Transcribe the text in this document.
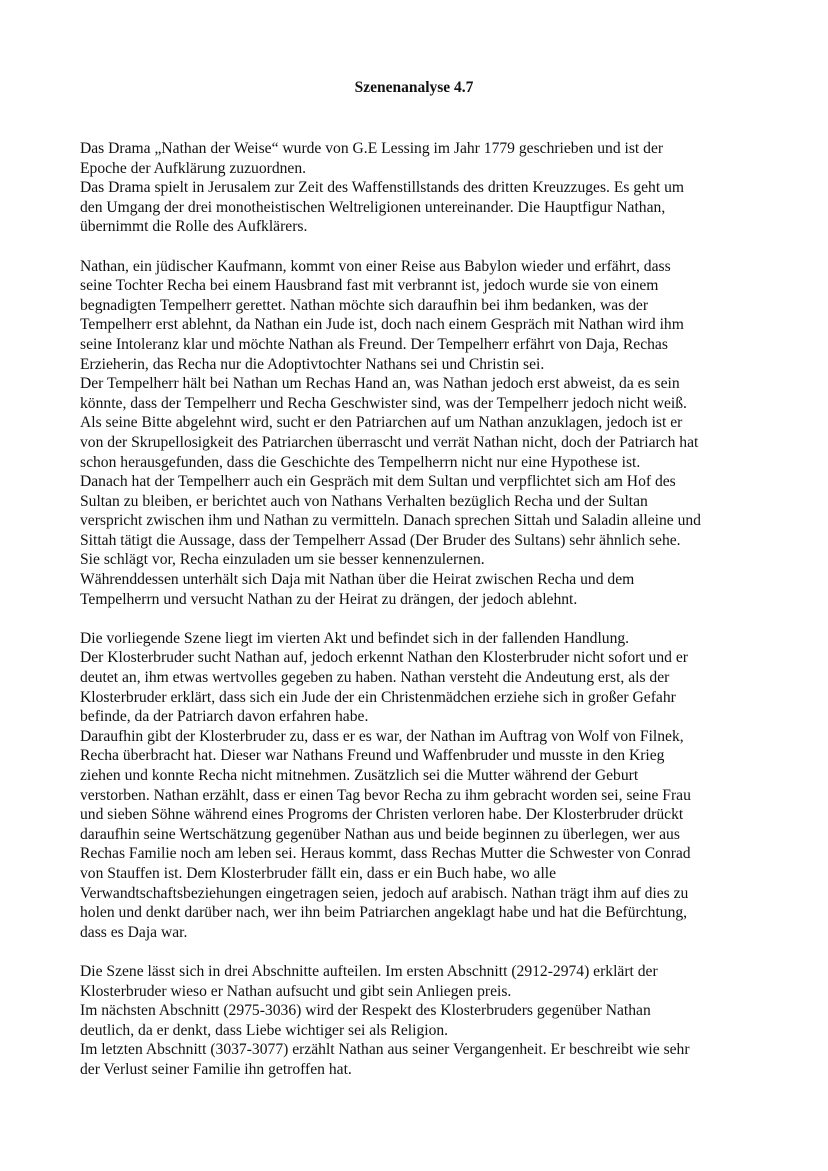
Szenenanalyse 4.7
Das Drama „Nathan der Weise“ wurde von G.E Lessing im Jahr 1779 geschrieben und ist der
Epoche der Aufklärung zuzuordnen.
Das Drama spielt in Jerusalem zur Zeit des Waffenstillstands des dritten Kreuzzuges. Es geht um
den Umgang der drei monotheistischen Weltreligionen untereinander. Die Hauptfigur Nathan,
übernimmt die Rolle des Aufklärers.
Nathan, ein jüdischer Kaufmann, kommt von einer Reise aus Babylon wieder und erfährt, dass
seine Tochter Recha bei einem Hausbrand fast mit verbrannt ist, jedoch wurde sie von einem
begnadigten Tempelherr gerettet. Nathan möchte sich daraufhin bei ihm bedanken, was der
Tempelherr erst ablehnt, da Nathan ein Jude ist, doch nach einem Gespräch mit Nathan wird ihm
seine Intoleranz klar und möchte Nathan als Freund. Der Tempelherr erfährt von Daja, Rechas
Erzieherin, das Recha nur die Adoptivtochter Nathans sei und Christin sei.
Der Tempelherr hält bei Nathan um Rechas Hand an, was Nathan jedoch erst abweist, da es sein
könnte, dass der Tempelherr und Recha Geschwister sind, was der Tempelherr jedoch nicht weiß.
Als seine Bitte abgelehnt wird, sucht er den Patriarchen auf um Nathan anzuklagen, jedoch ist er
von der Skrupellosigkeit des Patriarchen überrascht und verrät Nathan nicht, doch der Patriarch hat
schon herausgefunden, dass die Geschichte des Tempelherrn nicht nur eine Hypothese ist.
Danach hat der Tempelherr auch ein Gespräch mit dem Sultan und verpflichtet sich am Hof des
Sultan zu bleiben, er berichtet auch von Nathans Verhalten bezüglich Recha und der Sultan
verspricht zwischen ihm und Nathan zu vermitteln. Danach sprechen Sittah und Saladin alleine und
Sittah tätigt die Aussage, dass der Tempelherr Assad (Der Bruder des Sultans) sehr ähnlich sehe.
Sie schlägt vor, Recha einzuladen um sie besser kennenzulernen.
Währenddessen unterhält sich Daja mit Nathan über die Heirat zwischen Recha und dem
Tempelherrn und versucht Nathan zu der Heirat zu drängen, der jedoch ablehnt.
Die vorliegende Szene liegt im vierten Akt und befindet sich in der fallenden Handlung.
Der Klosterbruder sucht Nathan auf, jedoch erkennt Nathan den Klosterbruder nicht sofort und er
deutet an, ihm etwas wertvolles gegeben zu haben. Nathan versteht die Andeutung erst, als der
Klosterbruder erklärt, dass sich ein Jude der ein Christenmädchen erziehe sich in großer Gefahr
befinde, da der Patriarch davon erfahren habe.
Daraufhin gibt der Klosterbruder zu, dass er es war, der Nathan im Auftrag von Wolf von Filnek,
Recha überbracht hat. Dieser war Nathans Freund und Waffenbruder und musste in den Krieg
ziehen und konnte Recha nicht mitnehmen. Zusätzlich sei die Mutter während der Geburt
verstorben. Nathan erzählt, dass er einen Tag bevor Recha zu ihm gebracht worden sei, seine Frau
und sieben Söhne während eines Progroms der Christen verloren habe. Der Klosterbruder drückt
daraufhin seine Wertschätzung gegenüber Nathan aus und beide beginnen zu überlegen, wer aus
Rechas Familie noch am leben sei. Heraus kommt, dass Rechas Mutter die Schwester von Conrad
von Stauffen ist. Dem Klosterbruder fällt ein, dass er ein Buch habe, wo alle
Verwandtschaftsbeziehungen eingetragen seien, jedoch auf arabisch. Nathan trägt ihm auf dies zu
holen und denkt darüber nach, wer ihn beim Patriarchen angeklagt habe und hat die Befürchtung,
dass es Daja war.
Die Szene lässt sich in drei Abschnitte aufteilen. Im ersten Abschnitt (2912-2974) erklärt der
Klosterbruder wieso er Nathan aufsucht und gibt sein Anliegen preis.
Im nächsten Abschnitt (2975-3036) wird der Respekt des Klosterbruders gegenüber Nathan
deutlich, da er denkt, dass Liebe wichtiger sei als Religion.
Im letzten Abschnitt (3037-3077) erzählt Nathan aus seiner Vergangenheit. Er beschreibt wie sehr
der Verlust seiner Familie ihn getroffen hat.
